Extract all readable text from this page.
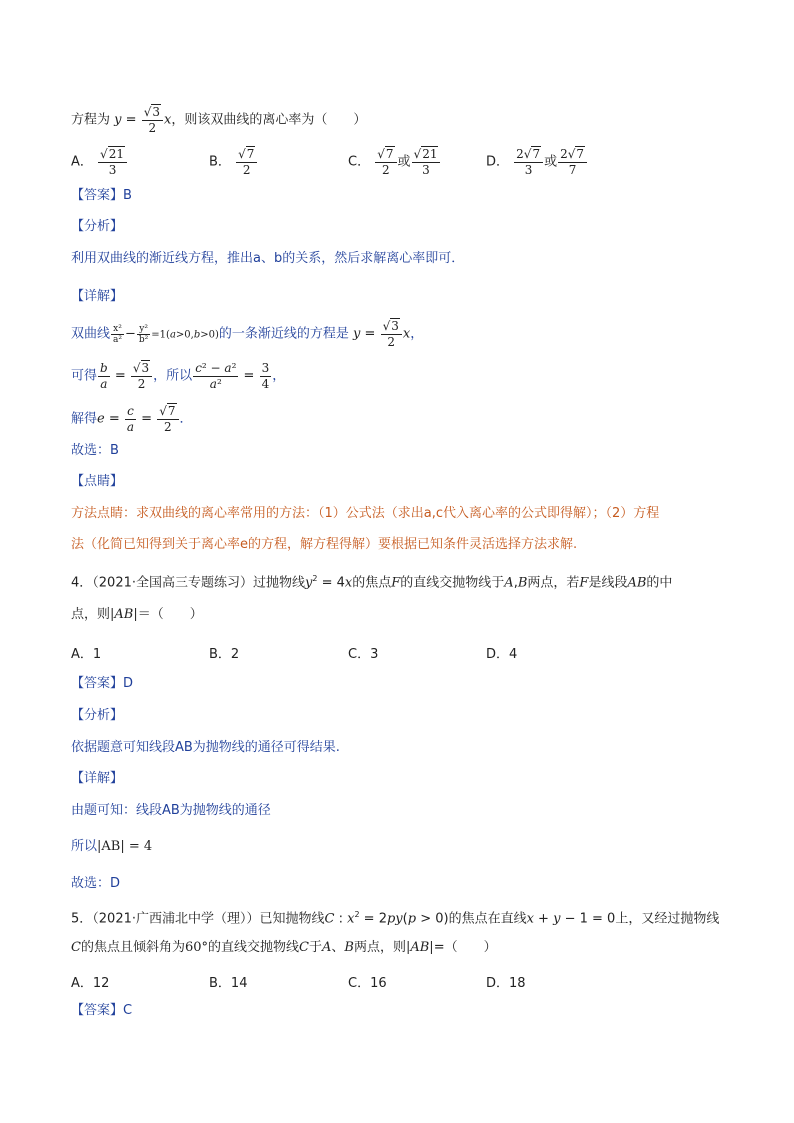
方程为 $y = \frac{√3}{2}$ x，则该双曲线的离心率为（　　）
A． $\frac{√21}{3}$	B． $\frac{√7}{2}$	C． $\frac{√7}{2}$ 或 $\frac{√21}{3}$	D． $\frac{2√7}{3}$ 或 $\frac{2√7}{7}$
【答案】B
【分析】
利用双曲线的渐近线方程，推出a、b的关系，然后求解离心率即可．
【详解】
双曲线 $\frac{\text{x²}}{\text{a²}} - \frac{\text{y²}}{\text{b²}} =1(a>0,b>0)$的一条渐近线的方程是 $y = \frac{√3}{2}$ x，
可得 $\frac{b}{a} = \frac{√3}{2}$ ，所以 $\frac{\text{c² − a²}}{\text{a²}} = \frac{3}{4}$ ，
解得$e = \frac{c}{a} = \frac{√7}{2}$ ．
故选：B
【点睛】
方法点睛：求双曲线的离心率常用的方法：（1）公式法（求出a,c代入离心率的公式即得解）；（2）方程
法（化简已知得到关于离心率e的方程，解方程得解）要根据已知条件灵活选择方法求解.
4．（2021·全国高三专题练习）过抛物线$y^2 = 4x$的焦点F的直线交抛物线于A,B两点，若F是线段AB的中
点，则|AB|＝（　　）
A．1	B．2	C．3	D．4
【答案】D
【分析】
依据题意可知线段AB为抛物线的通径可得结果.
【详解】
由题可知：线段AB为抛物线的通径
所以|AB| = 4
故选：D
5．（2021·广西浦北中学（理））已知抛物线C : $x^2 = 2py(p > 0)$的焦点在直线x + y − 1 = 0上，又经过抛物线
C的焦点且倾斜角为60°的直线交抛物线C于A、B两点，则|AB|=（　　）
A．12	B．14	C．16	D．18
【答案】C
